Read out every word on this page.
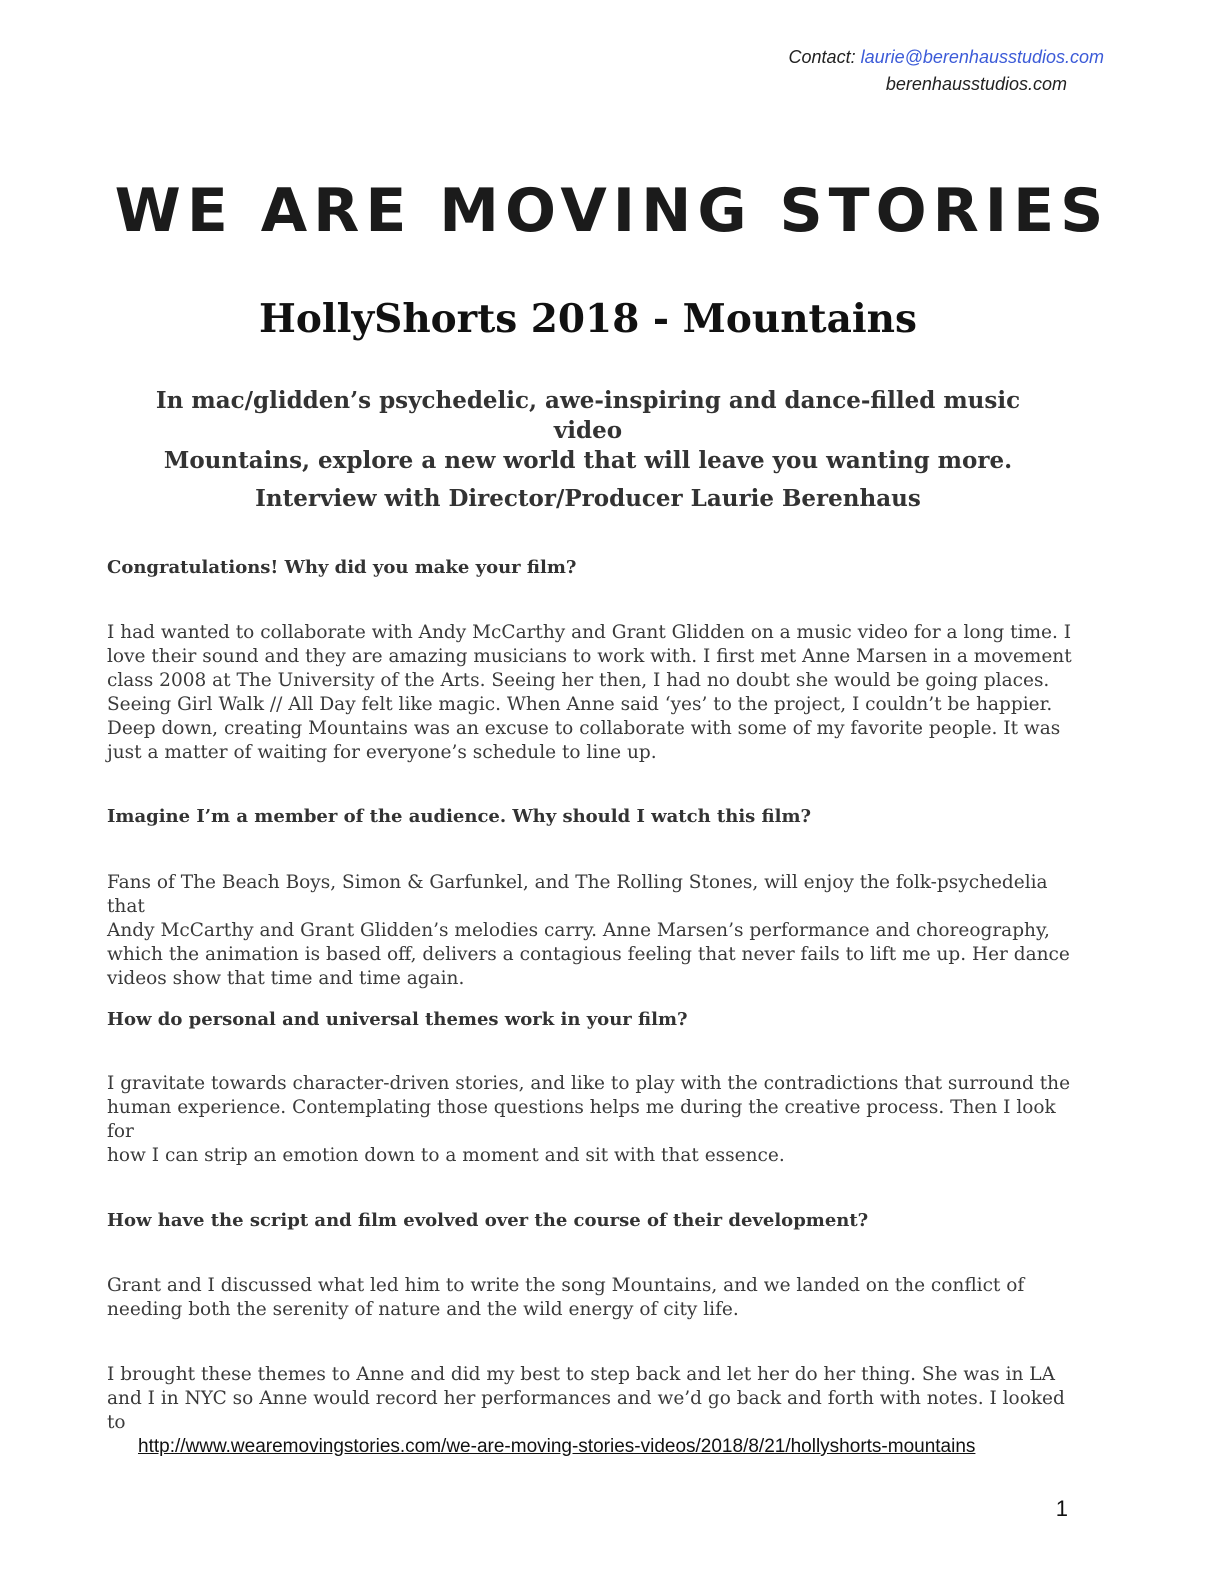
Contact: laurie@berenhausstudios.com
berenhausstudios.com
WE ARE MOVING STORIES
HollyShorts 2018 - Mountains
In mac/glidden’s psychedelic, awe-inspiring and dance-filled music video
Mountains, explore a new world that will leave you wanting more.
Interview with Director/Producer Laurie Berenhaus

Congratulations! Why did you make your film?

I had wanted to collaborate with Andy McCarthy and Grant Glidden on a music video for a long time. I
love their sound and they are amazing musicians to work with. I first met Anne Marsen in a movement
class 2008 at The University of the Arts. Seeing her then, I had no doubt she would be going places.
Seeing Girl Walk // All Day felt like magic. When Anne said ‘yes’ to the project, I couldn’t be happier.
Deep down, creating Mountains was an excuse to collaborate with some of my favorite people. It was
just a matter of waiting for everyone’s schedule to line up.

Imagine I’m a member of the audience. Why should I watch this film?

Fans of The Beach Boys, Simon & Garfunkel, and The Rolling Stones, will enjoy the folk-psychedelia that
Andy McCarthy and Grant Glidden’s melodies carry. Anne Marsen’s performance and choreography,
which the animation is based off, delivers a contagious feeling that never fails to lift me up. Her dance
videos show that time and time again.

How do personal and universal themes work in your film?

I gravitate towards character-driven stories, and like to play with the contradictions that surround the
human experience. Contemplating those questions helps me during the creative process. Then I look for
how I can strip an emotion down to a moment and sit with that essence.

How have the script and film evolved over the course of their development?

Grant and I discussed what led him to write the song Mountains, and we landed on the conflict of
needing both the serenity of nature and the wild energy of city life.
I brought these themes to Anne and did my best to step back and let her do her thing. She was in LA
and I in NYC so Anne would record her performances and we’d go back and forth with notes. I looked to
http://www.wearemovingstories.com/we-are-moving-stories-videos/2018/8/21/hollyshorts-mountains
1
